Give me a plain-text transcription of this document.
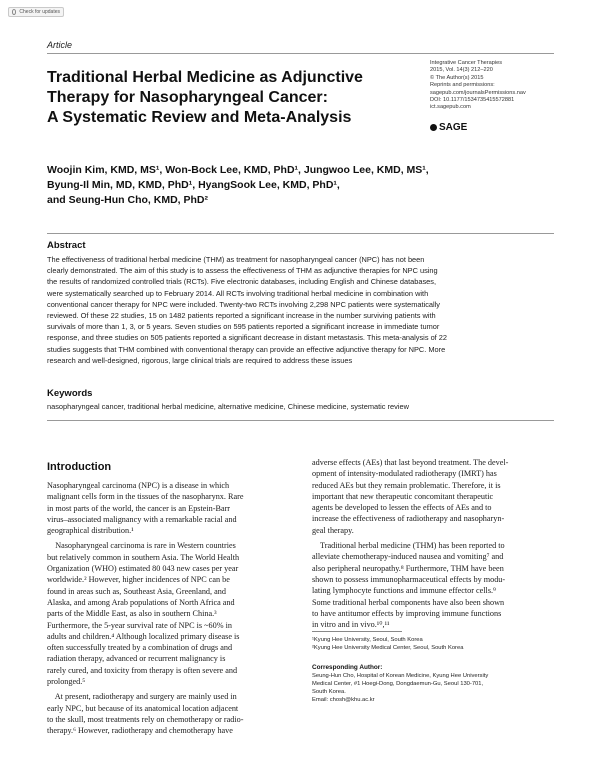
Check for updates
Article
Traditional Herbal Medicine as Adjunctive
Therapy for Nasopharyngeal Cancer:
A Systematic Review and Meta-Analysis
Integrative Cancer Therapies
2015, Vol. 14(3) 212–220
© The Author(s) 2015
Reprints and permissions:
sagepub.com/journalsPermissions.nav
DOI: 10.1177/1534735415572881
ict.sagepub.com
SAGE
Woojin Kim, KMD, MS¹, Won-Bock Lee, KMD, PhD¹, Jungwoo Lee, KMD, MS¹,
Byung-Il Min, MD, KMD, PhD¹, HyangSook Lee, KMD, PhD¹,
and Seung-Hun Cho, KMD, PhD²
Abstract
The effectiveness of traditional herbal medicine (THM) as treatment for nasopharyngeal cancer (NPC) has not been
clearly demonstrated. The aim of this study is to assess the effectiveness of THM as adjunctive therapies for NPC using
the results of randomized controlled trials (RCTs). Five electronic databases, including English and Chinese databases,
were systematically searched up to February 2014. All RCTs involving traditional herbal medicine in combination with
conventional cancer therapy for NPC were included. Twenty-two RCTs involving 2,298 NPC patients were systematically
reviewed. Of these 22 studies, 15 on 1482 patients reported a significant increase in the number surviving patients with
survivals of more than 1, 3, or 5 years. Seven studies on 595 patients reported a significant increase in immediate tumor
response, and three studies on 505 patients reported a significant decrease in distant metastasis. This meta-analysis of 22
studies suggests that THM combined with conventional therapy can provide an effective adjunctive therapy for NPC. More
research and well-designed, rigorous, large clinical trials are required to address these issues
Keywords
nasopharyngeal cancer, traditional herbal medicine, alternative medicine, Chinese medicine, systematic review
Introduction
Nasopharyngeal carcinoma (NPC) is a disease in which
malignant cells form in the tissues of the nasopharynx. Rare
in most parts of the world, the cancer is an Epstein-Barr
virus–associated malignancy with a remarkable racial and
geographical distribution.¹
Nasopharyngeal carcinoma is rare in Western countries
but relatively common in southern Asia. The World Health
Organization (WHO) estimated 80 043 new cases per year
worldwide.² However, higher incidences of NPC can be
found in areas such as, Southeast Asia, Greenland, and
Alaska, and among Arab populations of North Africa and
parts of the Middle East, as also in southern China.³
Furthermore, the 5-year survival rate of NPC is ~60% in
adults and children.⁴ Although localized primary disease is
often successfully treated by a combination of drugs and
radiation therapy, advanced or recurrent malignancy is
rarely cured, and toxicity from therapy is often severe and
prolonged.⁵
At present, radiotherapy and surgery are mainly used in
early NPC, but because of its anatomical location adjacent
to the skull, most treatments rely on chemotherapy or radio-
therapy.⁶ However, radiotherapy and chemotherapy have
adverse effects (AEs) that last beyond treatment. The devel-
opment of intensity-modulated radiotherapy (IMRT) has
reduced AEs but they remain problematic. Therefore, it is
important that new therapeutic concomitant therapeutic
agents be developed to lessen the effects of AEs and to
increase the effectiveness of radiotherapy and nasopharyn-
geal therapy.
Traditional herbal medicine (THM) has been reported to
alleviate chemotherapy-induced nausea and vomiting⁷ and
also peripheral neuropathy.⁸ Furthermore, THM have been
shown to possess immunopharmaceutical effects by modu-
lating lymphocyte functions and immune effector cells.⁹
Some traditional herbal components have also been shown
to have antitumor effects by improving immune functions
in vitro and in vivo.¹⁰,¹¹
¹Kyung Hee University, Seoul, South Korea
²Kyung Hee University Medical Center, Seoul, South Korea
Corresponding Author:
Seung-Hun Cho, Hospital of Korean Medicine, Kyung Hee University
Medical Center, #1 Hoegi-Dong, Dongdaemun-Gu, Seoul 130-701,
South Korea.
Email: chosh@khu.ac.kr
